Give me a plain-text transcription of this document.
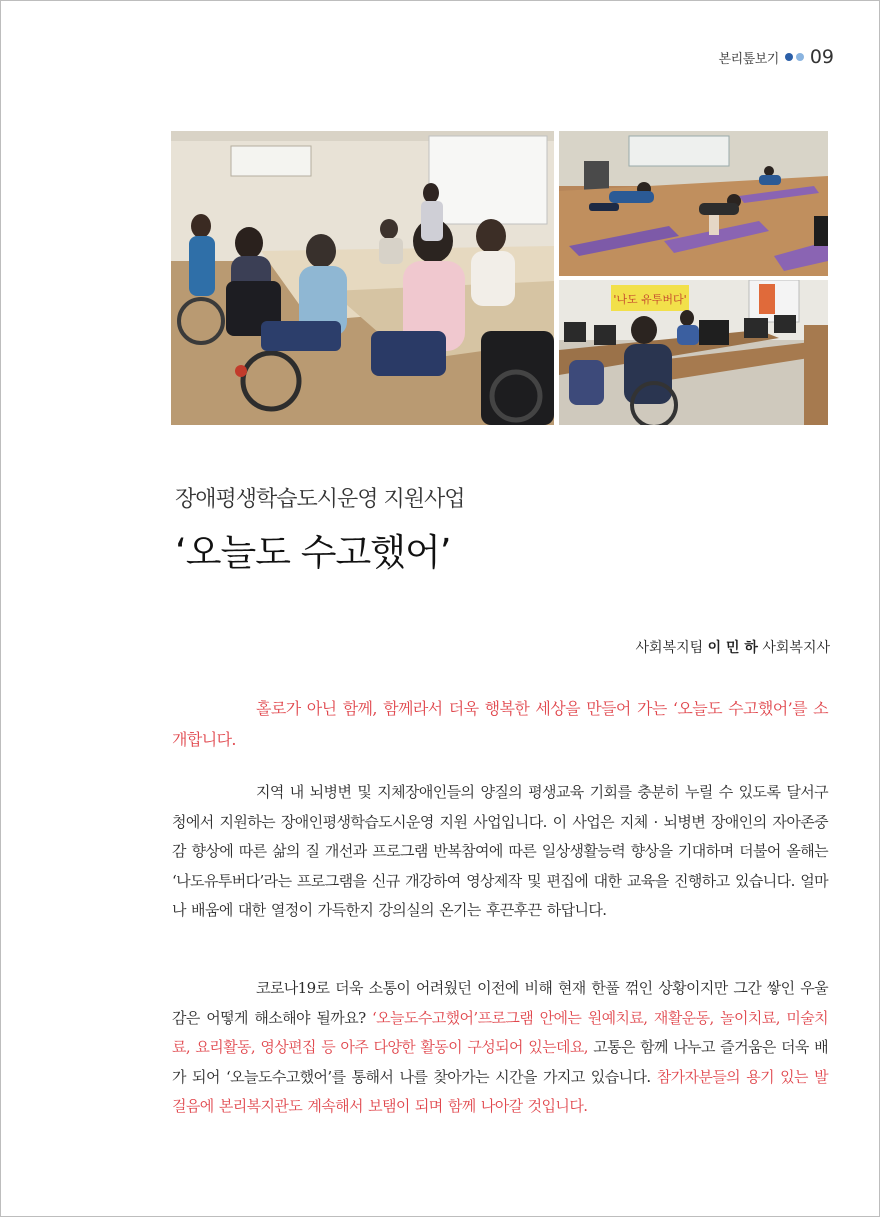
본리톺보기 09
'나도 유투버다'
장애평생학습도시운영 지원사업
‘오늘도 수고했어’
사회복지팀 이 민 하 사회복지사
홀로가 아닌 함께, 함께라서 더욱 행복한 세상을 만들어 가는 ‘오늘도 수고했어’를 소개합니다.
지역 내 뇌병변 및 지체장애인들의 양질의 평생교육 기회를 충분히 누릴 수 있도록 달서구청에서 지원하는 장애인평생학습도시운영 지원 사업입니다. 이 사업은 지체 · 뇌병변 장애인의 자아존중감 향상에 따른 삶의 질 개선과 프로그램 반복참여에 따른 일상생활능력 향상을 기대하며 더불어 올해는 ‘나도유투버다’라는 프로그램을 신규 개강하여 영상제작 및 편집에 대한 교육을 진행하고 있습니다. 얼마나 배움에 대한 열정이 가득한지 강의실의 온기는 후끈후끈 하답니다.
코로나19로 더욱 소통이 어려웠던 이전에 비해 현재 한풀 꺾인 상황이지만 그간 쌓인 우울감은 어떻게 해소해야 될까요? ‘오늘도수고했어’프로그램 안에는 원예치료, 재활운동, 놀이치료, 미술치료, 요리활동, 영상편집 등 아주 다양한 활동이 구성되어 있는데요, 고통은 함께 나누고 즐거움은 더욱 배가 되어 ‘오늘도수고했어’를 통해서 나를 찾아가는 시간을 가지고 있습니다. 참가자분들의 용기 있는 발걸음에 본리복지관도 계속해서 보탬이 되며 함께 나아갈 것입니다.
